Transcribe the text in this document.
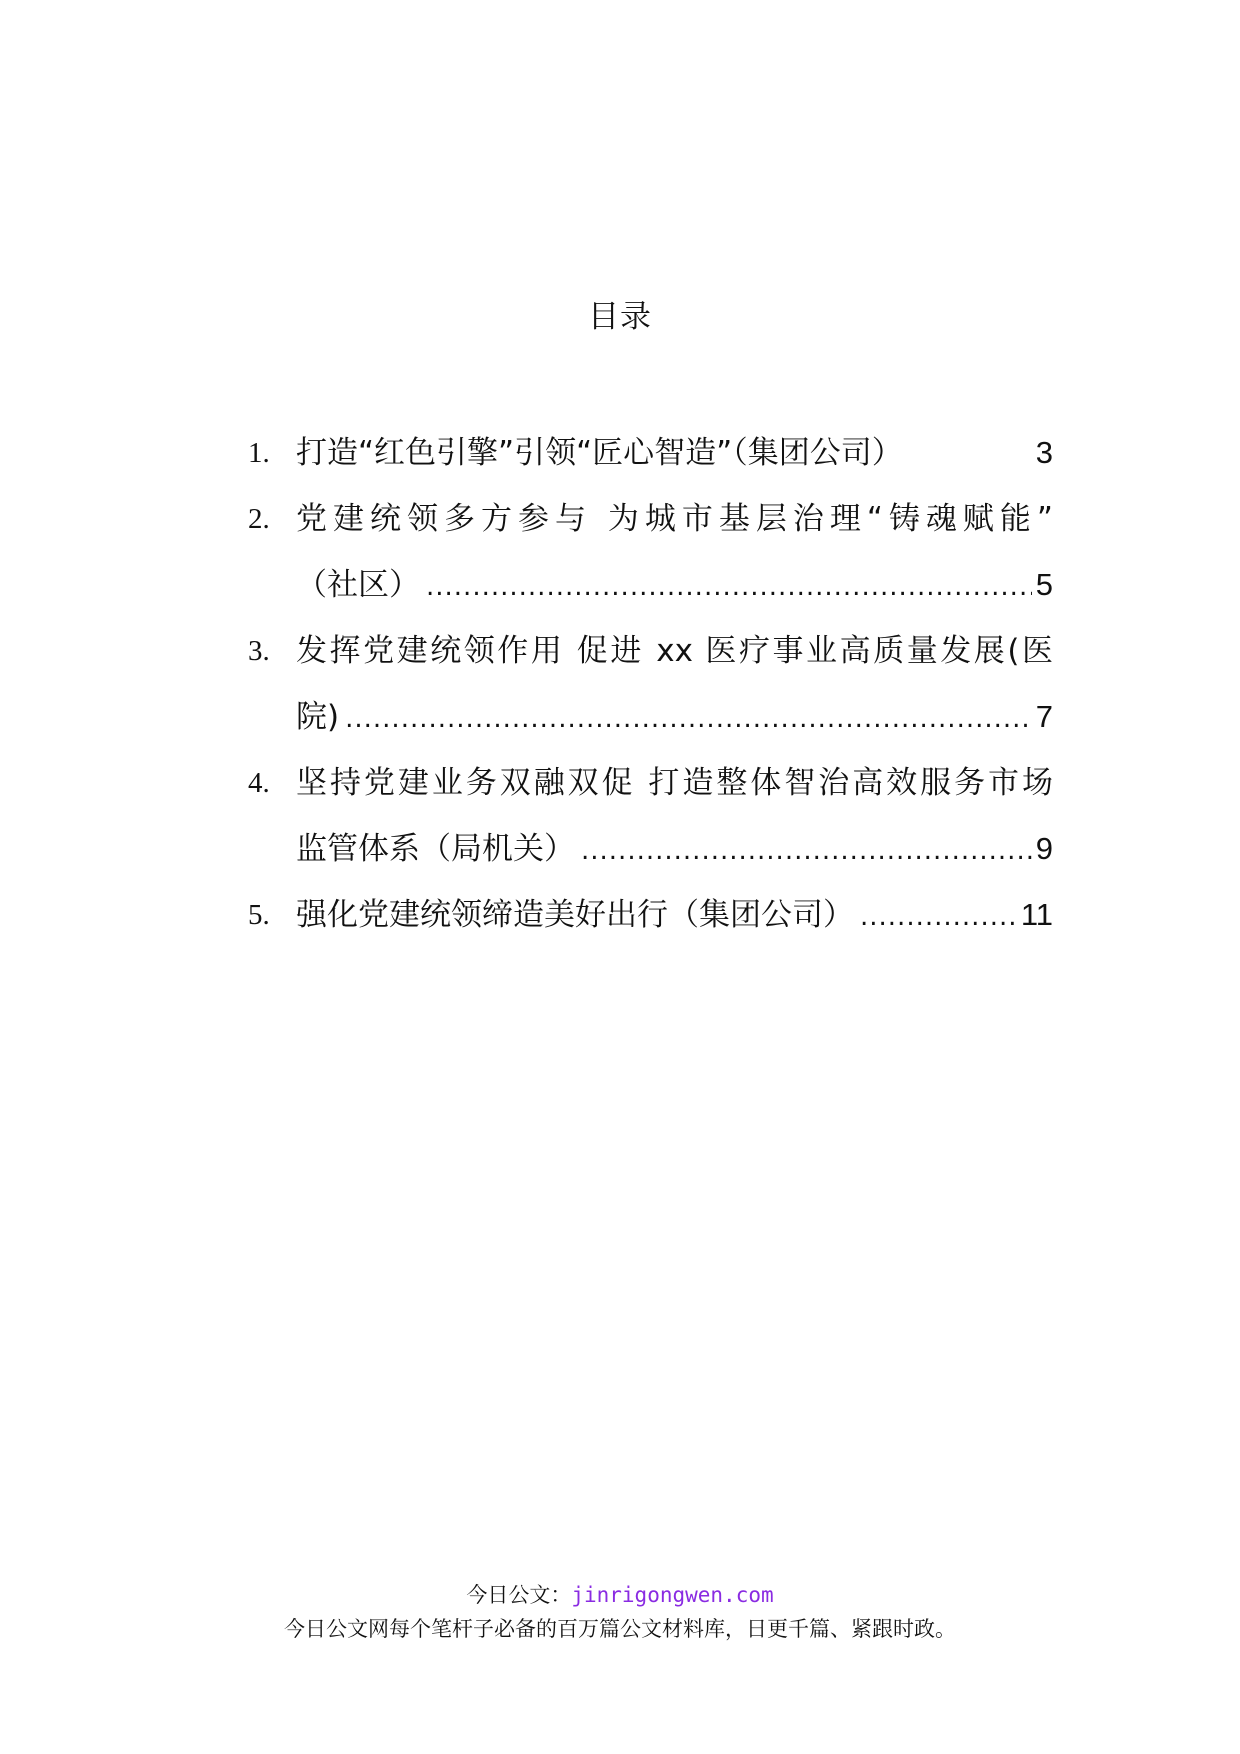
目录
1. 打造“红色引擎”引领“匠心智造”（集团公司）	3
2. 党建统领多方参与 为城市基层治理“铸魂赋能”
（社区） .....	5
3. 发挥党建统领作用 促进 xx 医疗事业高质量发展(医
院) .....	7
4. 坚持党建业务双融双促 打造整体智治高效服务市场
监管体系（局机关） .....	9
5. 强化党建统领缔造美好出行（集团公司） .....	11
今日公文：jinrigongwen.com
今日公文网每个笔杆子必备的百万篇公文材料库，日更千篇、紧跟时政。
